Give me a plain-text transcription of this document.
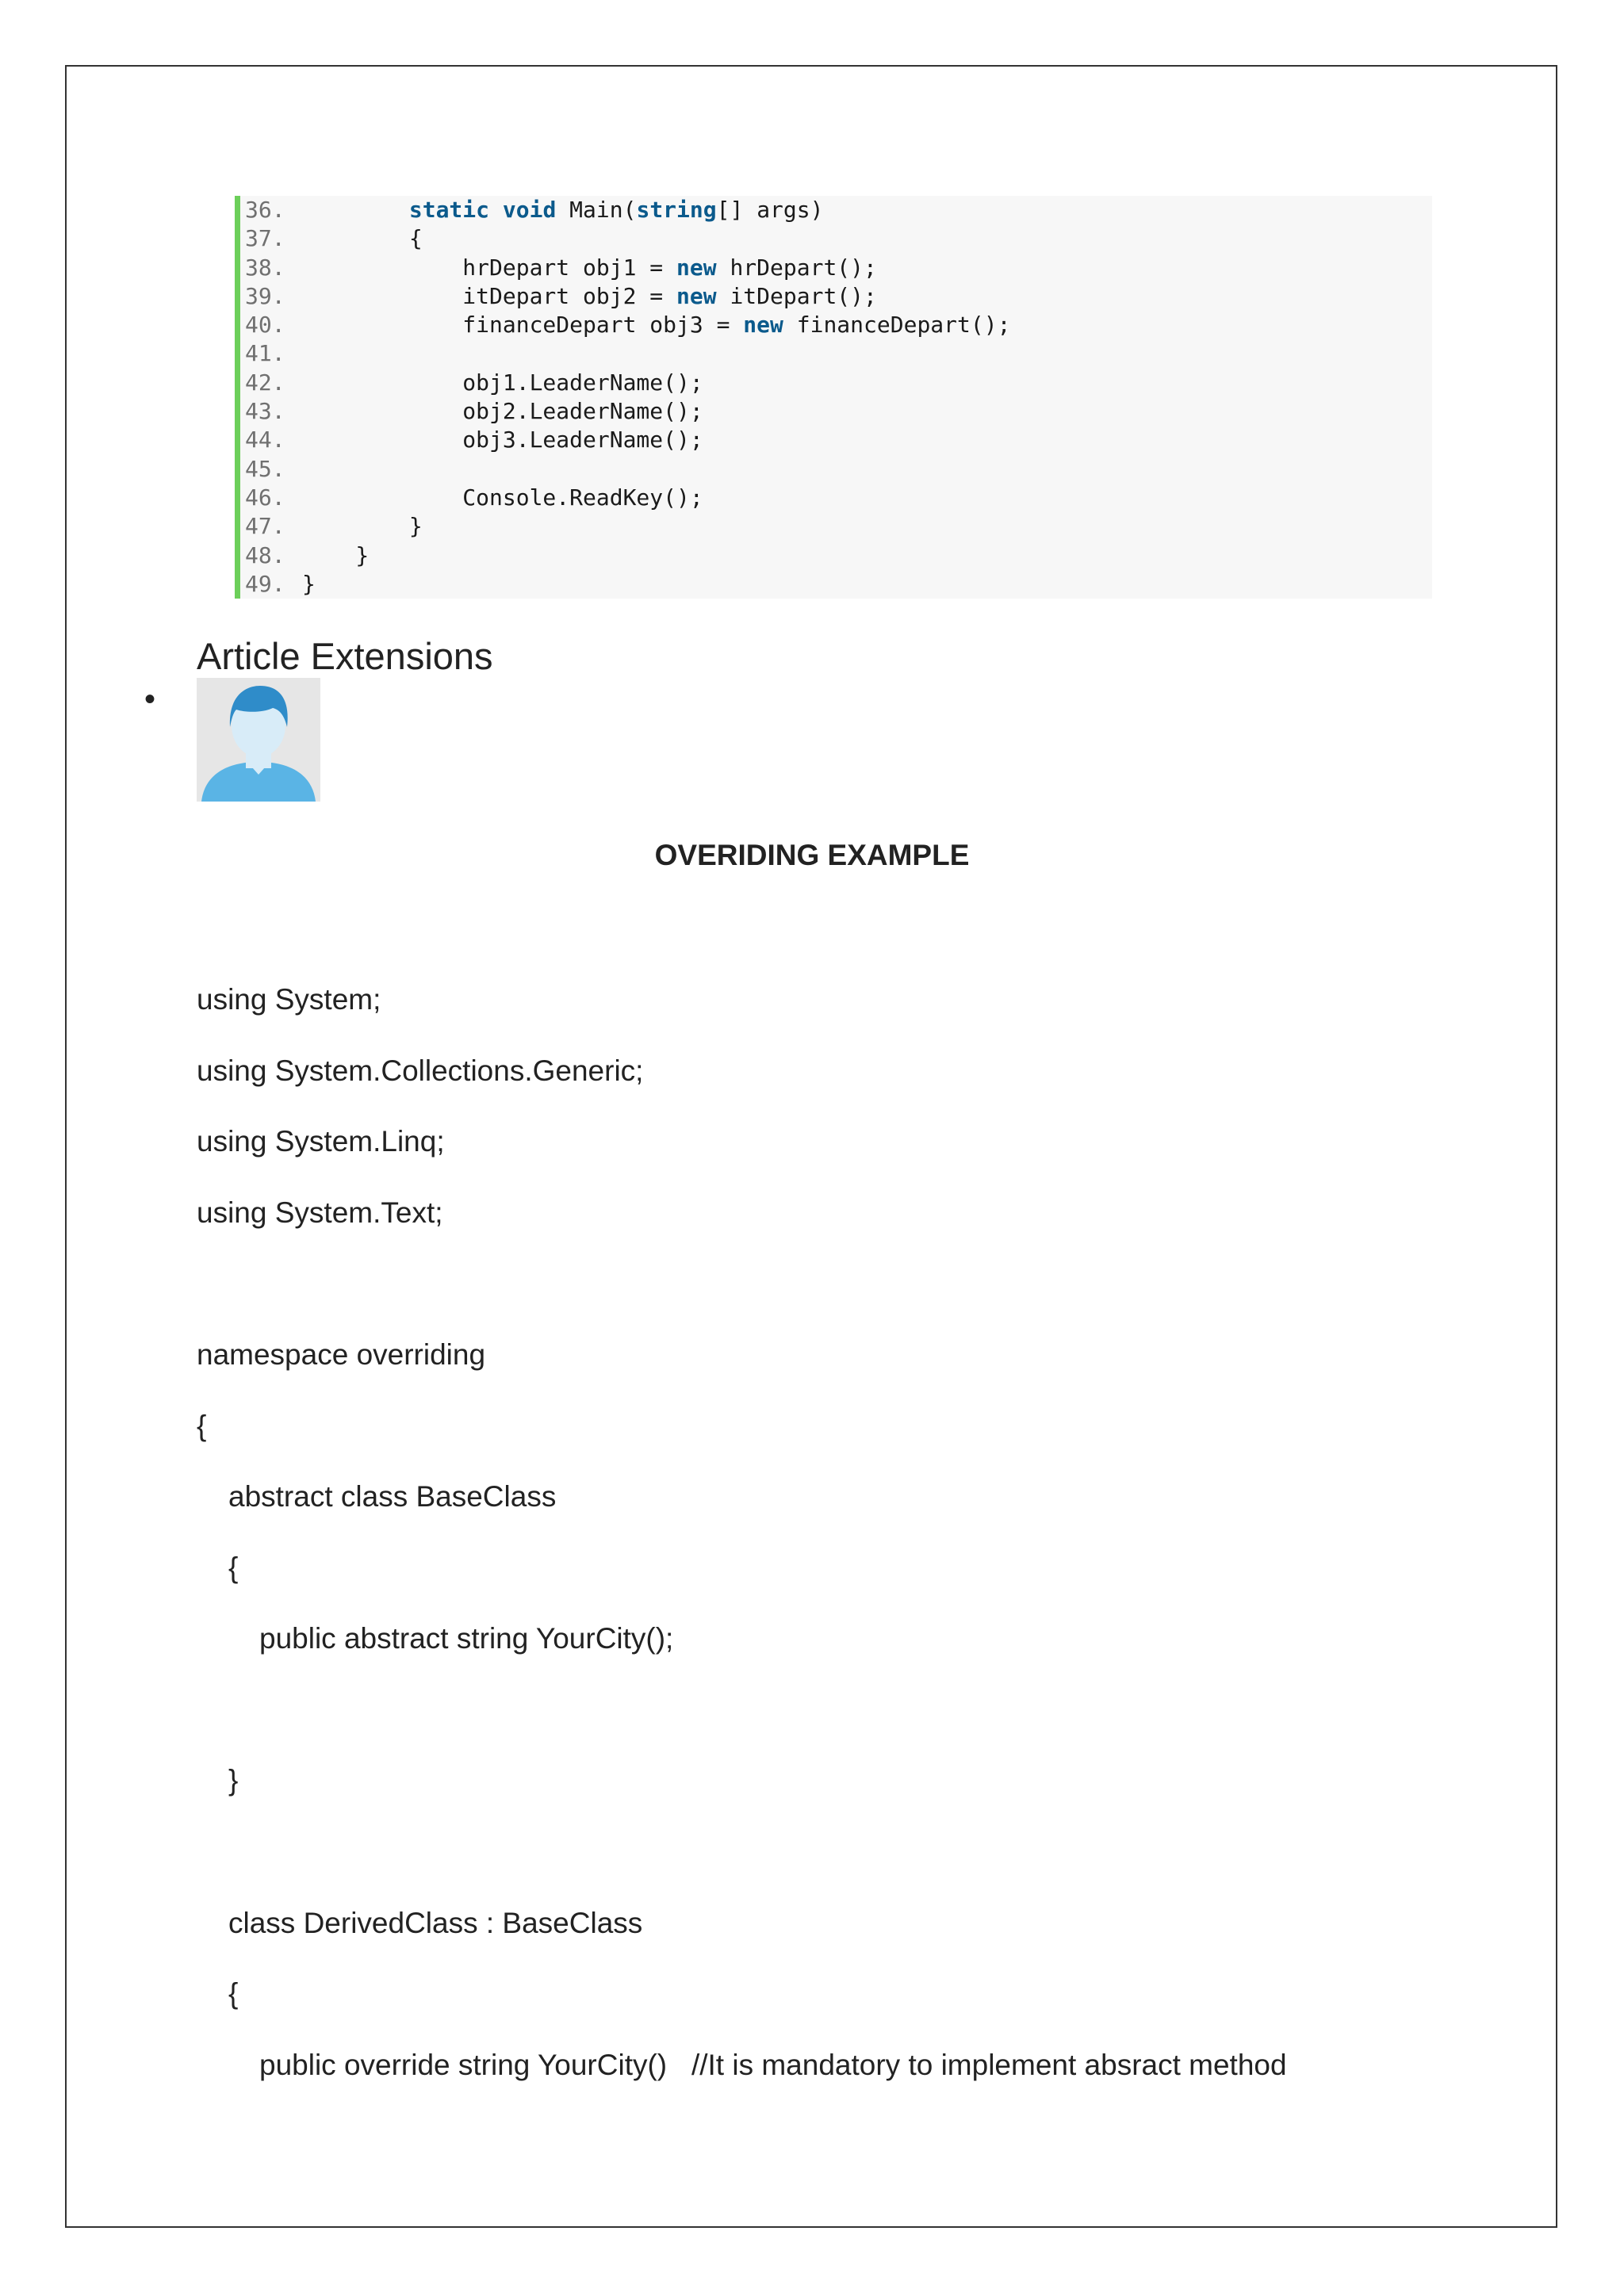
36.	static void Main(string[] args)
37.        {
38.            hrDepart obj1 = new hrDepart();
39.            itDepart obj2 = new itDepart();
40.            financeDepart obj3 = new financeDepart();
41.
42.            obj1.LeaderName();
43.            obj2.LeaderName();
44.            obj3.LeaderName();
45.
46.            Console.ReadKey();
47.        }
48.    }
49. }
Article Extensions
•
OVERIDING EXAMPLE
using System;
using System.Collections.Generic;
using System.Linq;
using System.Text;
namespace overriding
{
abstract class BaseClass
{
public abstract string YourCity();
}
class DerivedClass : BaseClass
{
public override string YourCity()   //It is mandatory to implement absract method
